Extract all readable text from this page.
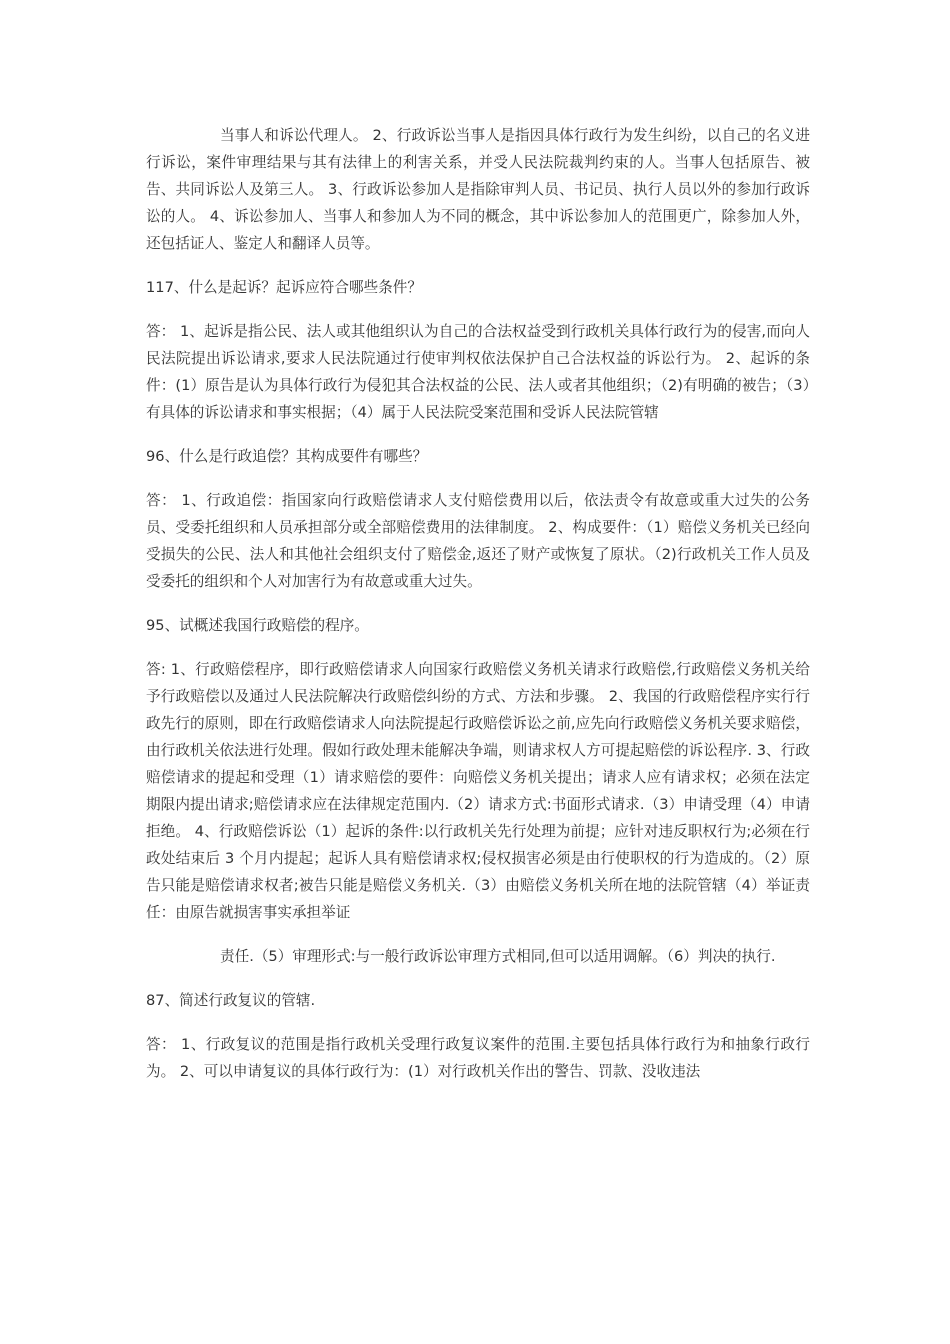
当事人和诉讼代理人。 2、行政诉讼当事人是指因具体行政行为发生纠纷，以自己的名义进行诉讼，案件审理结果与其有法律上的利害关系，并受人民法院裁判约束的人。当事人包括原告、被告、共同诉讼人及第三人。 3、行政诉讼参加人是指除审判人员、书记员、执行人员以外的参加行政诉讼的人。 4、诉讼参加人、当事人和参加人为不同的概念，其中诉讼参加人的范围更广，除参加人外，还包括证人、鉴定人和翻译人员等。

117、什么是起诉？起诉应符合哪些条件？

答： 1、起诉是指公民、法人或其他组织认为自己的合法权益受到行政机关具体行政行为的侵害,而向人民法院提出诉讼请求,要求人民法院通过行使审判权依法保护自己合法权益的诉讼行为。 2、起诉的条件：(1）原告是认为具体行政行为侵犯其合法权益的公民、法人或者其他组织；（2)有明确的被告；（3）有具体的诉讼请求和事实根据；（4）属于人民法院受案范围和受诉人民法院管辖

96、什么是行政追偿？其构成要件有哪些？

答： 1、行政追偿：指国家向行政赔偿请求人支付赔偿费用以后，依法责令有故意或重大过失的公务员、受委托组织和人员承担部分或全部赔偿费用的法律制度。 2、构成要件：（1）赔偿义务机关已经向受损失的公民、法人和其他社会组织支付了赔偿金,返还了财产或恢复了原状。（2)行政机关工作人员及受委托的组织和个人对加害行为有故意或重大过失。

95、试概述我国行政赔偿的程序。

答: 1、行政赔偿程序，即行政赔偿请求人向国家行政赔偿义务机关请求行政赔偿,行政赔偿义务机关给予行政赔偿以及通过人民法院解决行政赔偿纠纷的方式、方法和步骤。 2、我国的行政赔偿程序实行行政先行的原则，即在行政赔偿请求人向法院提起行政赔偿诉讼之前,应先向行政赔偿义务机关要求赔偿，由行政机关依法进行处理。假如行政处理未能解决争端，则请求权人方可提起赔偿的诉讼程序. 3、行政赔偿请求的提起和受理（1）请求赔偿的要件：向赔偿义务机关提出；请求人应有请求权；必须在法定期限内提出请求;赔偿请求应在法律规定范围内.（2）请求方式:书面形式请求.（3）申请受理（4）申请拒绝。 4、行政赔偿诉讼（1）起诉的条件:以行政机关先行处理为前提；应针对违反职权行为;必须在行政处结束后 3 个月内提起；起诉人具有赔偿请求权;侵权损害必须是由行使职权的行为造成的。（2）原告只能是赔偿请求权者;被告只能是赔偿义务机关.（3）由赔偿义务机关所在地的法院管辖（4）举证责任：由原告就损害事实承担举证

责任.（5）审理形式:与一般行政诉讼审理方式相同,但可以适用调解。（6）判决的执行.

87、简述行政复议的管辖.

答： 1、行政复议的范围是指行政机关受理行政复议案件的范围.主要包括具体行政行为和抽象行政行为。 2、可以申请复议的具体行政行为：(1）对行政机关作出的警告、罚款、没收违法
